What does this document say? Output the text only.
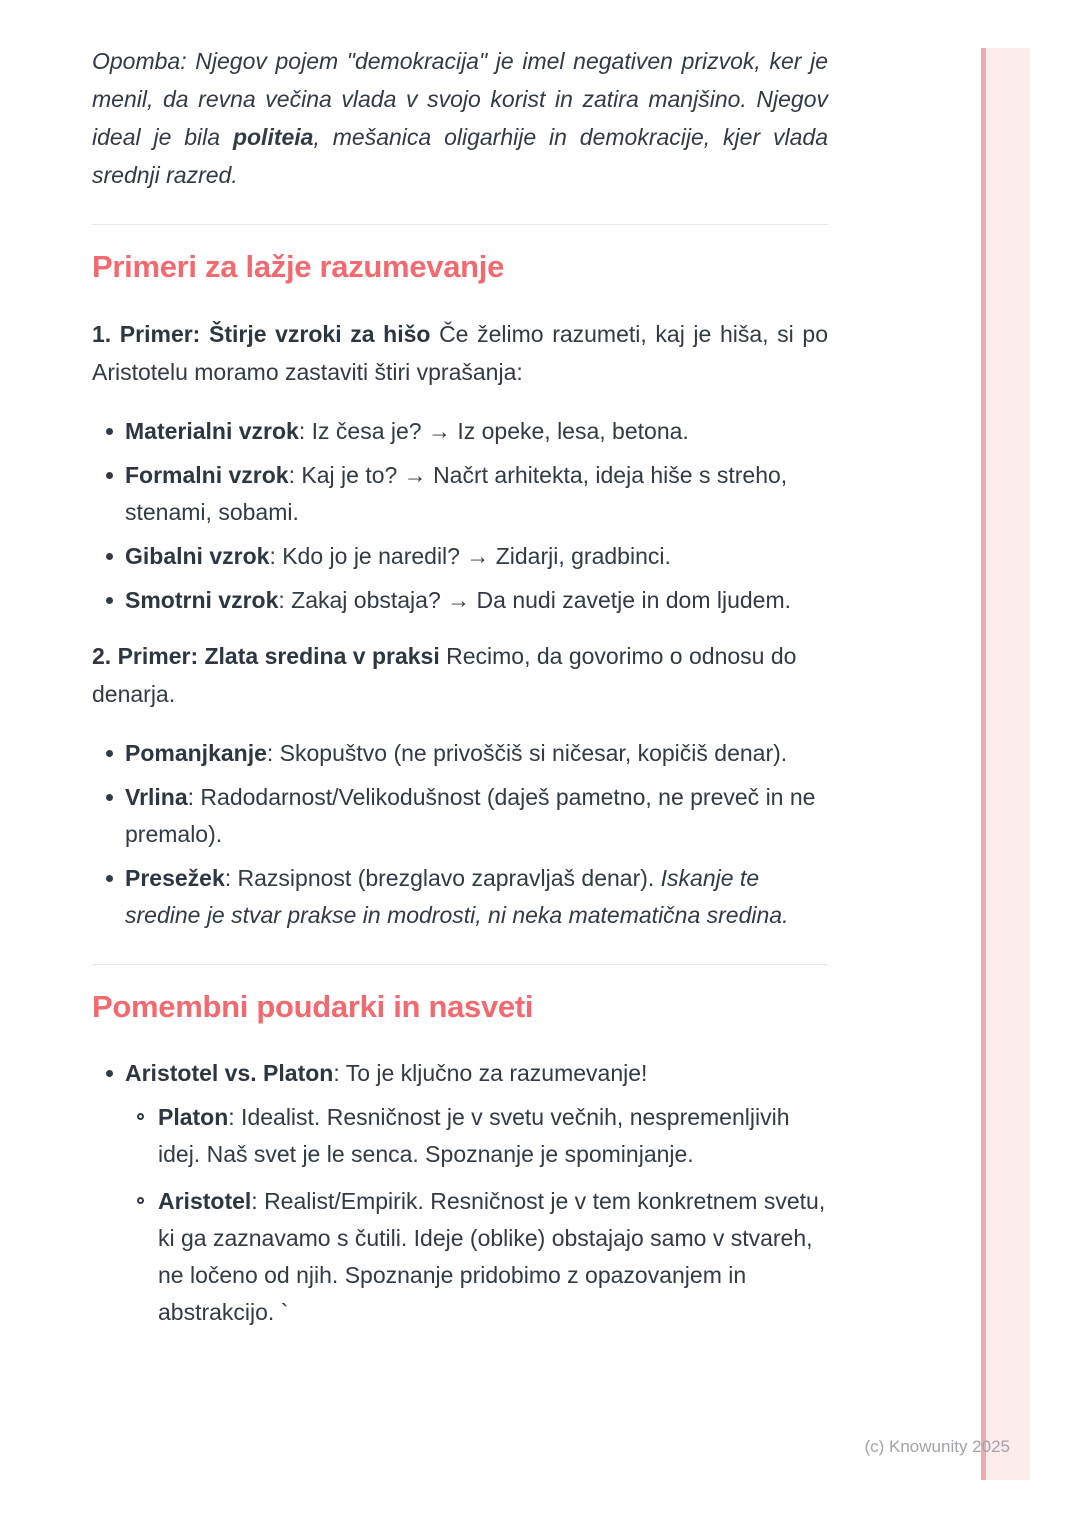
Opomba: Njegov pojem "demokracija" je imel negativen prizvok, ker je menil, da revna večina vlada v svojo korist in zatira manjšino. Njegov ideal je bila politeia, mešanica oligarhije in demokracije, kjer vlada srednji razred.

Primeri za lažje razumevanje

1. Primer: Štirje vzroki za hišo Če želimo razumeti, kaj je hiša, si po Aristotelu moramo zastaviti štiri vprašanja:

Materialni vzrok: Iz česa je? → Iz opeke, lesa, betona.
Formalni vzrok: Kaj je to? → Načrt arhitekta, ideja hiše s streho, stenami, sobami.
Gibalni vzrok: Kdo jo je naredil? → Zidarji, gradbinci.
Smotrni vzrok: Zakaj obstaja? → Da nudi zavetje in dom ljudem.

2. Primer: Zlata sredina v praksi Recimo, da govorimo o odnosu do denarja.

Pomanjkanje: Skopuštvo (ne privoščiš si ničesar, kopičiš denar).
Vrlina: Radodarnost/Velikodušnost (daješ pametno, ne preveč in ne premalo).
Presežek: Razsipnost (brezglavo zapravljaš denar). Iskanje te sredine je stvar prakse in modrosti, ni neka matematična sredina.
Pomembni poudarki in nasveti
Aristotel vs. Platon: To je ključno za razumevanje!
Platon: Idealist. Resničnost je v svetu večnih, nespremenljivih idej. Naš svet je le senca. Spoznanje je spominjanje.
Aristotel: Realist/Empirik. Resničnost je v tem konkretnem svetu, ki ga zaznavamo s čutili. Ideje (oblike) obstajajo samo v stvareh, ne ločeno od njih. Spoznanje pridobimo z opazovanjem in abstrakcijo. `
(c) Knowunity 2025
